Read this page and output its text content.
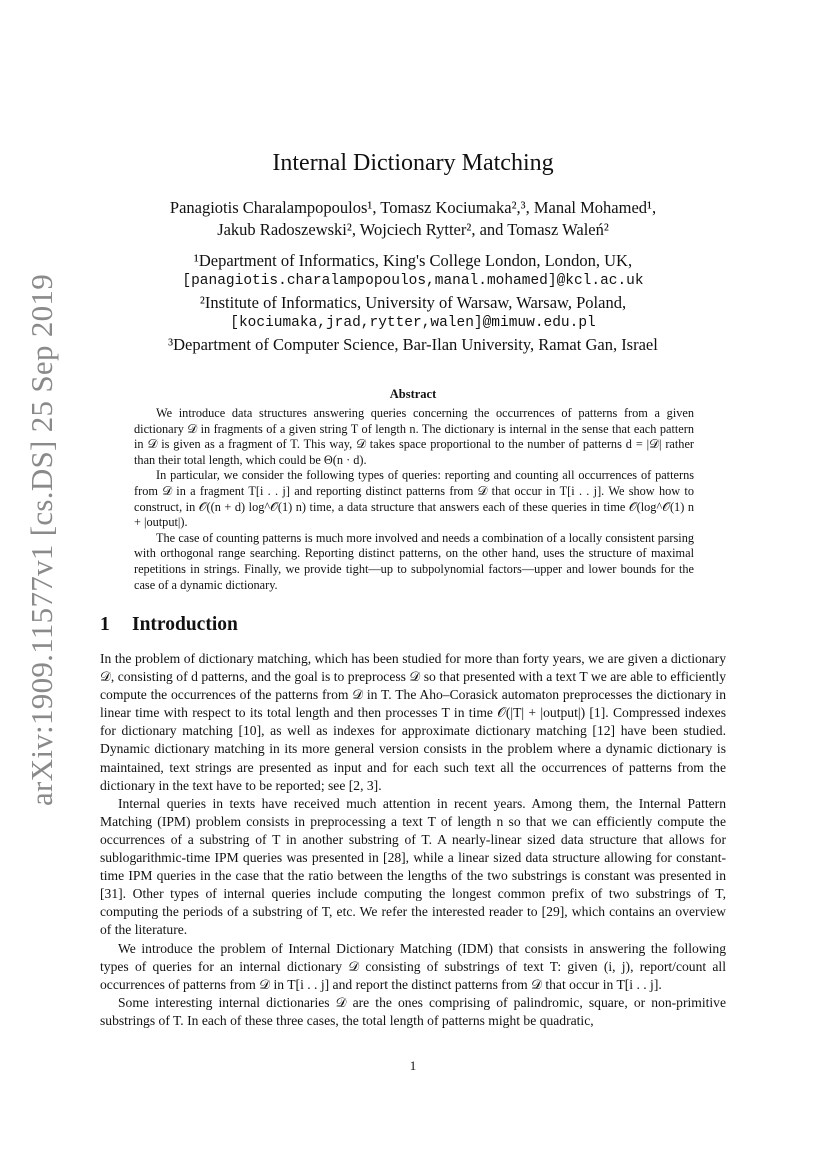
arXiv:1909.11577v1 [cs.DS] 25 Sep 2019
Internal Dictionary Matching
Panagiotis Charalampopoulos¹, Tomasz Kociumaka²,³, Manal Mohamed¹,
Jakub Radoszewski², Wojciech Rytter², and Tomasz Waleń²
¹Department of Informatics, King's College London, London, UK,
[panagiotis.charalampopoulos,manal.mohamed]@kcl.ac.uk
²Institute of Informatics, University of Warsaw, Warsaw, Poland,
[kociumaka,jrad,rytter,walen]@mimuw.edu.pl
³Department of Computer Science, Bar-Ilan University, Ramat Gan, Israel
Abstract

We introduce data structures answering queries concerning the occurrences of patterns from a given dictionary 𝒟 in fragments of a given string T of length n. The dictionary is internal in the sense that each pattern in 𝒟 is given as a fragment of T. This way, 𝒟 takes space proportional to the number of patterns d = |𝒟| rather than their total length, which could be Θ(n · d).

In particular, we consider the following types of queries: reporting and counting all occurrences of patterns from 𝒟 in a fragment T[i . . j] and reporting distinct patterns from 𝒟 that occur in T[i . . j]. We show how to construct, in 𝒪((n + d) log^𝒪(1) n) time, a data structure that answers each of these queries in time 𝒪(log^𝒪(1) n + |output|).

The case of counting patterns is much more involved and needs a combination of a locally consistent parsing with orthogonal range searching. Reporting distinct patterns, on the other hand, uses the structure of maximal repetitions in strings. Finally, we provide tight—up to subpolynomial factors—upper and lower bounds for the case of a dynamic dictionary.

1 Introduction

In the problem of dictionary matching, which has been studied for more than forty years, we are given a dictionary 𝒟, consisting of d patterns, and the goal is to preprocess 𝒟 so that presented with a text T we are able to efficiently compute the occurrences of the patterns from 𝒟 in T. The Aho–Corasick automaton preprocesses the dictionary in linear time with respect to its total length and then processes T in time 𝒪(|T| + |output|) [1]. Compressed indexes for dictionary matching [10], as well as indexes for approximate dictionary matching [12] have been studied. Dynamic dictionary matching in its more general version consists in the problem where a dynamic dictionary is maintained, text strings are presented as input and for each such text all the occurrences of patterns from the dictionary in the text have to be reported; see [2, 3].

Internal queries in texts have received much attention in recent years. Among them, the Internal Pattern Matching (IPM) problem consists in preprocessing a text T of length n so that we can efficiently compute the occurrences of a substring of T in another substring of T. A nearly-linear sized data structure that allows for sublogarithmic-time IPM queries was presented in [28], while a linear sized data structure allowing for constant-time IPM queries in the case that the ratio between the lengths of the two substrings is constant was presented in [31]. Other types of internal queries include computing the longest common prefix of two substrings of T, computing the periods of a substring of T, etc. We refer the interested reader to [29], which contains an overview of the literature.

We introduce the problem of Internal Dictionary Matching (IDM) that consists in answering the following types of queries for an internal dictionary 𝒟 consisting of substrings of text T: given (i, j), report/count all occurrences of patterns from 𝒟 in T[i . . j] and report the distinct patterns from 𝒟 that occur in T[i . . j].

Some interesting internal dictionaries 𝒟 are the ones comprising of palindromic, square, or non-primitive substrings of T. In each of these three cases, the total length of patterns might be quadratic,

1
